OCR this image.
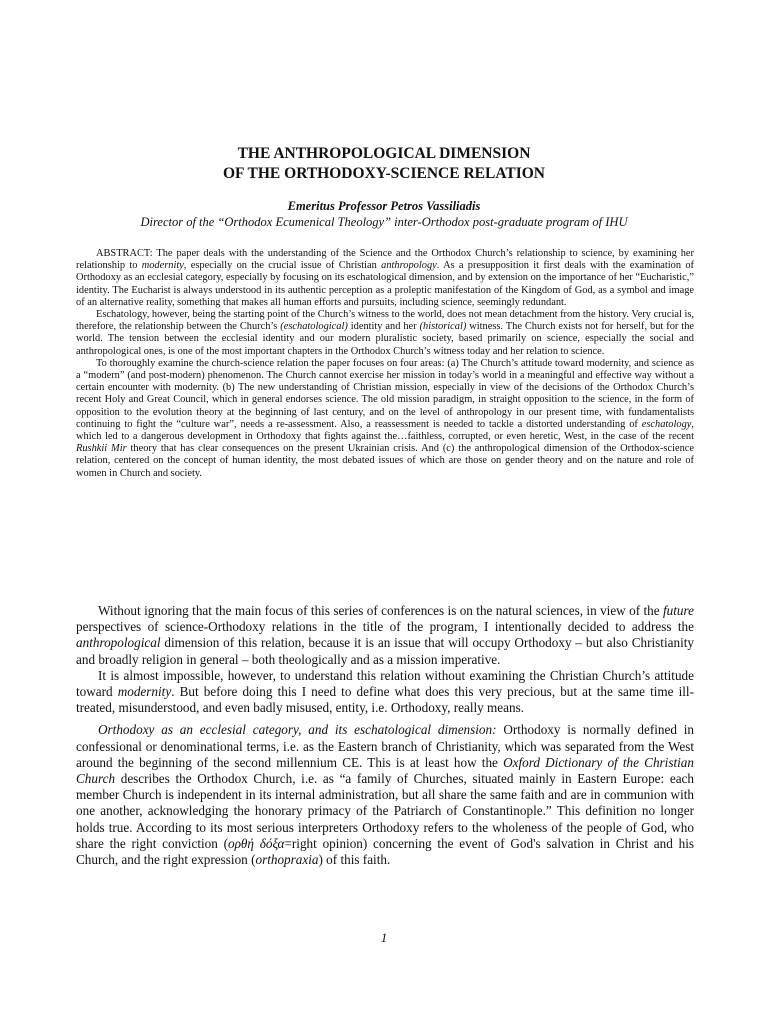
THE ANTHROPOLOGICAL DIMENSION
OF THE ORTHODOXY-SCIENCE RELATION
Emeritus Professor Petros Vassiliadis
Director of the “Orthodox Ecumenical Theology” inter-Orthodox post-graduate program of IHU

ABSTRACT: The paper deals with the understanding of the Science and the Orthodox Church’s relationship to science, by examining her relationship to modernity, especially on the crucial issue of Christian anthropology. As a presupposition it first deals with the examination of Orthodoxy as an ecclesial category, especially by focusing on its eschatological dimension, and by extension on the importance of her “Eucharistic,” identity. The Eucharist is always understood in its authentic perception as a proleptic manifestation of the Kingdom of God, as a symbol and image of an alternative reality, something that makes all human efforts and pursuits, including science, seemingly redundant.

Eschatology, however, being the starting point of the Church’s witness to the world, does not mean detachment from the history. Very crucial is, therefore, the relationship between the Church’s (eschatological) identity and her (historical) witness. The Church exists not for herself, but for the world. The tension between the ecclesial identity and our modern pluralistic society, based primarily on science, especially the social and anthropological ones, is one of the most important chapters in the Orthodox Church’s witness today and her relation to science.

To thoroughly examine the church-science relation the paper focuses on four areas: (a) The Church’s attitude toward modernity, and science as a “modern” (and post-modern) phenomenon. The Church cannot exercise her mission in today’s world in a meaningful and effective way without a certain encounter with modernity. (b) The new understanding of Christian mission, especially in view of the decisions of the Orthodox Church’s recent Holy and Great Council, which in general endorses science. The old mission paradigm, in straight opposition to the science, in the form of opposition to the evolution theory at the beginning of last century, and on the level of anthropology in our present time, with fundamentalists continuing to fight the “culture war”, needs a re-assessment. Also, a reassessment is needed to tackle a distorted understanding of eschatology, which led to a dangerous development in Orthodoxy that fights against the…faithless, corrupted, or even heretic, West, in the case of the recent Rushkii Mir theory that has clear consequences on the present Ukrainian crisis. And (c) the anthropological dimension of the Orthodox-science relation, centered on the concept of human identity, the most debated issues of which are those on gender theory and on the nature and role of women in Church and society.

Without ignoring that the main focus of this series of conferences is on the natural sciences, in view of the future perspectives of science-Orthodoxy relations in the title of the program, I intentionally decided to address the anthropological dimension of this relation, because it is an issue that will occupy Orthodoxy – but also Christianity and broadly religion in general – both theologically and as a mission imperative.

It is almost impossible, however, to understand this relation without examining the Christian Church’s attitude toward modernity. But before doing this I need to define what does this very precious, but at the same time ill-treated, misunderstood, and even badly misused, entity, i.e. Orthodoxy, really means.

Orthodoxy as an ecclesial category, and its eschatological dimension: Orthodoxy is normally defined in confessional or denominational terms, i.e. as the Eastern branch of Christianity, which was separated from the West around the beginning of the second millennium CE. This is at least how the Oxford Dictionary of the Christian Church describes the Orthodox Church, i.e. as “a family of Churches, situated mainly in Eastern Europe: each member Church is independent in its internal administration, but all share the same faith and are in communion with one another, acknowledging the honorary primacy of the Patriarch of Constantinople.” This definition no longer holds true. According to its most serious interpreters Orthodoxy refers to the wholeness of the people of God, who share the right conviction (ορθή δόξα=right opinion) concerning the event of God's salvation in Christ and his Church, and the right expression (orthopraxia) of this faith.

1
